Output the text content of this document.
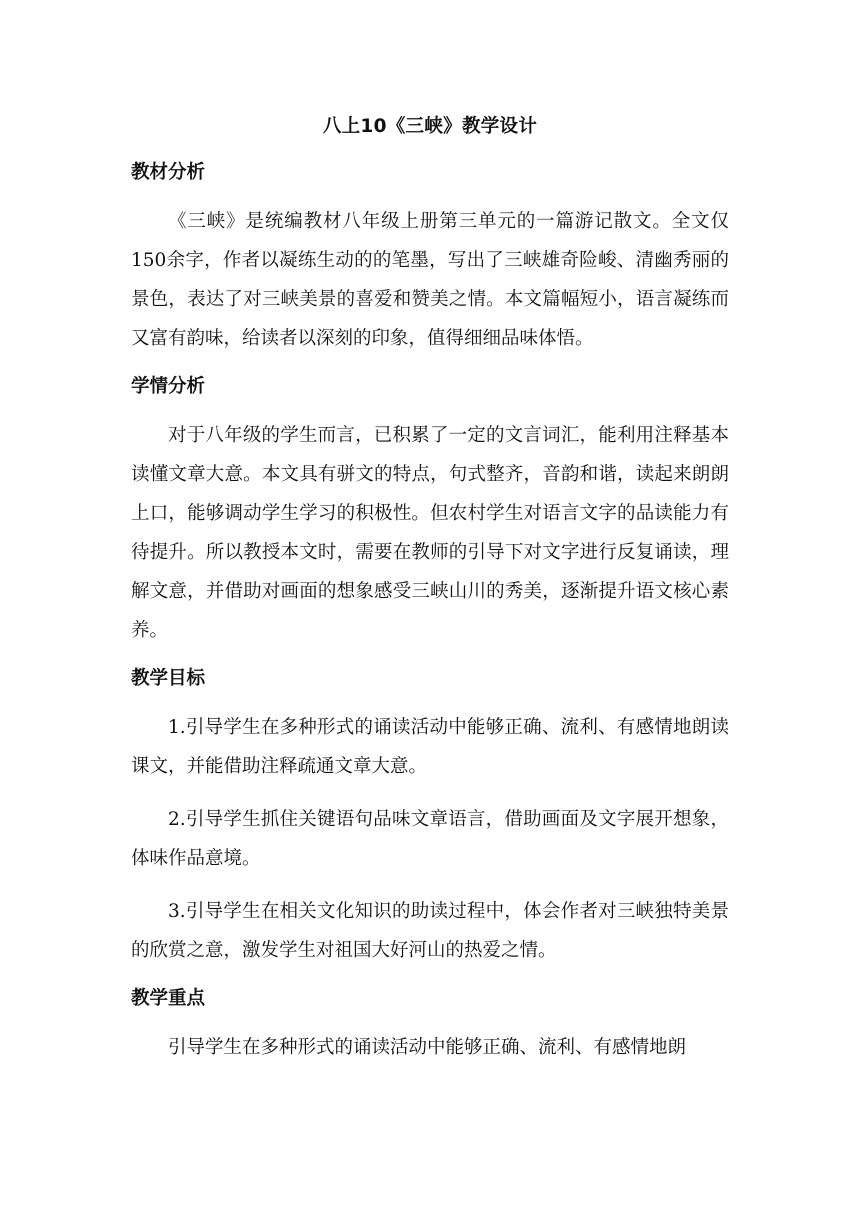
八上10《三峡》教学设计
教材分析

《三峡》是统编教材八年级上册第三单元的一篇游记散文。全文仅150余字，作者以凝练生动的的笔墨，写出了三峡雄奇险峻、清幽秀丽的景色，表达了对三峡美景的喜爱和赞美之情。本文篇幅短小，语言凝练而又富有韵味，给读者以深刻的印象，值得细细品味体悟。

学情分析

对于八年级的学生而言，已积累了一定的文言词汇，能利用注释基本读懂文章大意。本文具有骈文的特点，句式整齐，音韵和谐，读起来朗朗上口，能够调动学生学习的积极性。但农村学生对语言文字的品读能力有待提升。所以教授本文时，需要在教师的引导下对文字进行反复诵读，理解文意，并借助对画面的想象感受三峡山川的秀美，逐渐提升语文核心素养。

教学目标

1.引导学生在多种形式的诵读活动中能够正确、流利、有感情地朗读课文，并能借助注释疏通文章大意。

2.引导学生抓住关键语句品味文章语言，借助画面及文字展开想象，体味作品意境。

3.引导学生在相关文化知识的助读过程中，体会作者对三峡独特美景的欣赏之意，激发学生对祖国大好河山的热爱之情。

教学重点

引导学生在多种形式的诵读活动中能够正确、流利、有感情地朗
